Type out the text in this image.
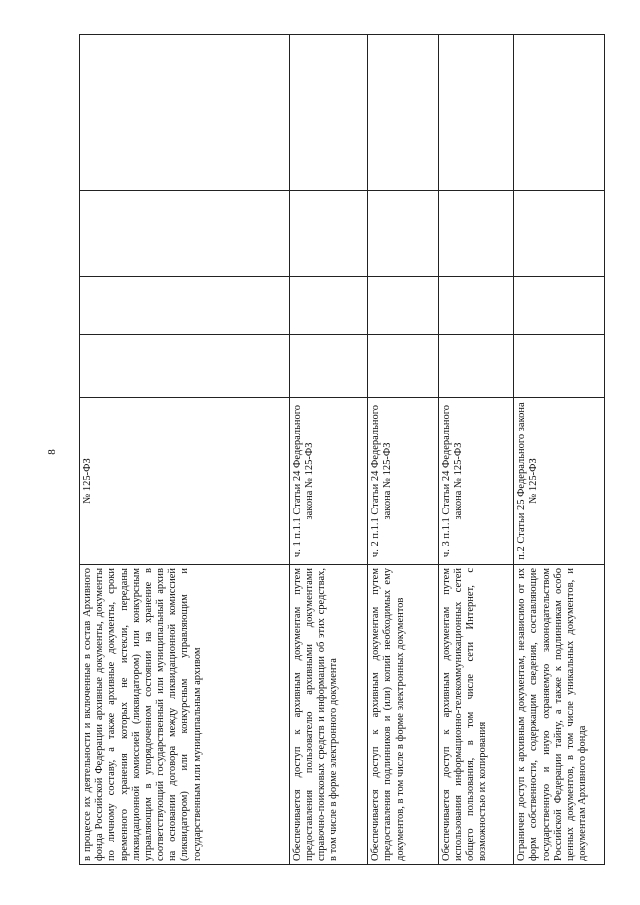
8
в процессе их деятельности и включенные в состав Архивного фонда Российской Федерации архивные документы, документы по личному составу, а также архивные документы, сроки временного хранения которых не истекли, переданы ликвидационной комиссией (ликвидатором) или конкурсным управляющим в упорядоченном состоянии на хранение в соответствующий государственный или муниципальный архив на основании договора между ликвидационной комиссией (ликвидатором) или конкурсным управляющим и государственным или муниципальным архивом	№ 125-ФЗ				
Обеспечивается доступ к архивным документам путем предоставления пользователю архивными документами справочно-поисковых средств и информации об этих средствах, в том числе в форме электронного документа	ч. 1 п.1.1 Статьи 24 Федерального закона № 125-ФЗ				
Обеспечивается доступ к архивным документам путем предоставления подлинников и (или) копий необходимых ему документов, в том числе в форме электронных документов	ч. 2 п.1.1 Статьи 24 Федерального закона № 125-ФЗ				
Обеспечивается доступ к архивным документам путем использования информационно-телекоммуникационных сетей общего пользования, в том числе сети Интернет, с возможностью их копирования	ч. 3 п.1.1 Статьи 24 Федерального закона № 125-ФЗ				
Ограничен доступ к архивным документам, независимо от их форм собственности, содержащим сведения, составляющие государственную и иную охраняемую законодательством Российской Федерации тайну, а также к подлинникам особо ценных документов, в том числе уникальных документов, и документам Архивного фонда	п.2 Статьи 25 Федерального закона № 125-ФЗ				
